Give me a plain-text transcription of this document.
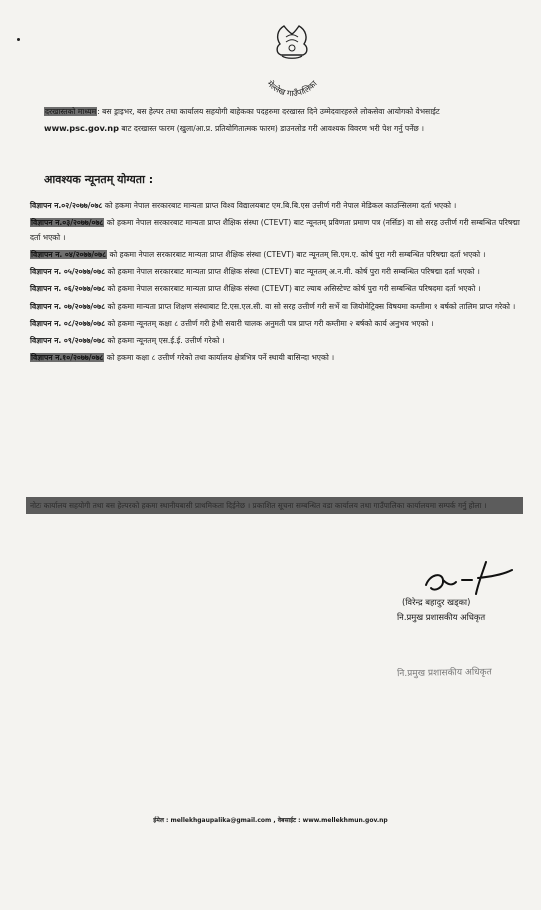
मेल्लेख गाउँपालिका
दरखास्तको माध्यम: बस ड्राइभर, बस हेल्पर तथा कार्यालय सहयोगी बाहेकका पदहरुमा दरखास्त दिने उम्मेदवारहरुले लोकसेवा आयोगको वेभसाईट www.psc.gov.np बाट दरखास्त फारम (खुला/आ.प्र. प्रतियोगितात्मक फारम) डाउनलोड गरी आवश्यक विवरण भरी पेश गर्नु पर्नेछ ।
आवश्यक न्यूनतम् योग्यता :

विज्ञापन न.०२/२०७७/०७८ को हकमा नेपाल सरकारबाट मान्यता प्राप्त विश्व विद्यालयबाट एम.बि.बि.एस उत्तीर्ण गरी नेपाल मेडिकल काउन्सिलमा दर्ता भएको ।

विज्ञापन न.०३/२०७७/०७८ को हकमा नेपाल सरकारबाट मान्यता प्राप्त शैक्षिक संस्था (CTEVT) बाट न्यूनतम् प्रविणता प्रमाण पत्र (नर्सिङ) वा सो सरह उत्तीर्ण गरी सम्बन्धित परिषद्मा दर्ता भएको ।

विज्ञापन न. ०४/२०७७/०७८ को हकमा नेपाल सरकारबाट मान्यता प्राप्त शैक्षिक संस्था (CTEVT) बाट न्यूनतम् सि.एम.ए. कोर्ष पुरा गरी सम्बन्धित परिषद्मा दर्ता भएको ।

विज्ञापन न. ०५/२०७७/०७८ को हकमा नेपाल सरकारबाट मान्यता प्राप्त शैक्षिक संस्था (CTEVT) बाट न्यूनतम् अ.न.मी. कोर्ष पुरा गरी सम्बन्धित परिषद्मा दर्ता भएको ।

विज्ञापन न. ०६/२०७७/०७८ को हकमा नेपाल सरकारबाट मान्यता प्राप्त शैक्षिक संस्था (CTEVT) बाट ल्याब असिस्टेण्ट कोर्ष पुरा गरी सम्बन्धित परिषदमा दर्ता भएको ।

विज्ञापन न. ०७/२०७७/०७८ को हकमा मान्यता प्राप्त शिक्षण संस्थाबाट टि.एस.एल.सी. वा सो सरह उत्तीर्ण गरी सर्भे वा जियोमेट्रिक्स विषयमा कम्तीमा १ बर्षको तालिम प्राप्त गरेको ।

विज्ञापन न. ०८/२०७७/०७८ को हकमा न्यूनतम् कक्षा ८ उत्तीर्ण गरी हेभी सवारी चालक अनुमती पत्र प्राप्त गरी कम्तीमा २ बर्षको कार्य अनुभव भएको ।

विज्ञापन न. ०९/२०७७/०७८ को हकमा न्यूनतम् एस.ई.ई. उत्तीर्ण गरेको ।

विज्ञापन न.१०/२०७७/०७८ को हकमा कक्षा ८ उत्तीर्ण गरेको तथा कार्यालय क्षेत्रभित्र पर्ने स्थायी बासिन्दा भएको ।

नोटः कार्यालय सहयोगी तथा बस हेल्परको हकमा स्थानीयबासी प्राथमिकता दिईनेछ । प्रकाशित सूचना सम्बन्धित वडा कार्यालय तथा गाउँपालिका कार्यालयमा सम्पर्क गर्नु होला ।
(विरेन्द्र बहादुर खड्का)
नि.प्रमुख प्रशासकीय अधिकृत
नि.प्रमुख प्रशासकीय अधिकृत
ईमेल : mellekhgaupalika@gmail.com , वेबसाईट : www.mellekhmun.gov.np
